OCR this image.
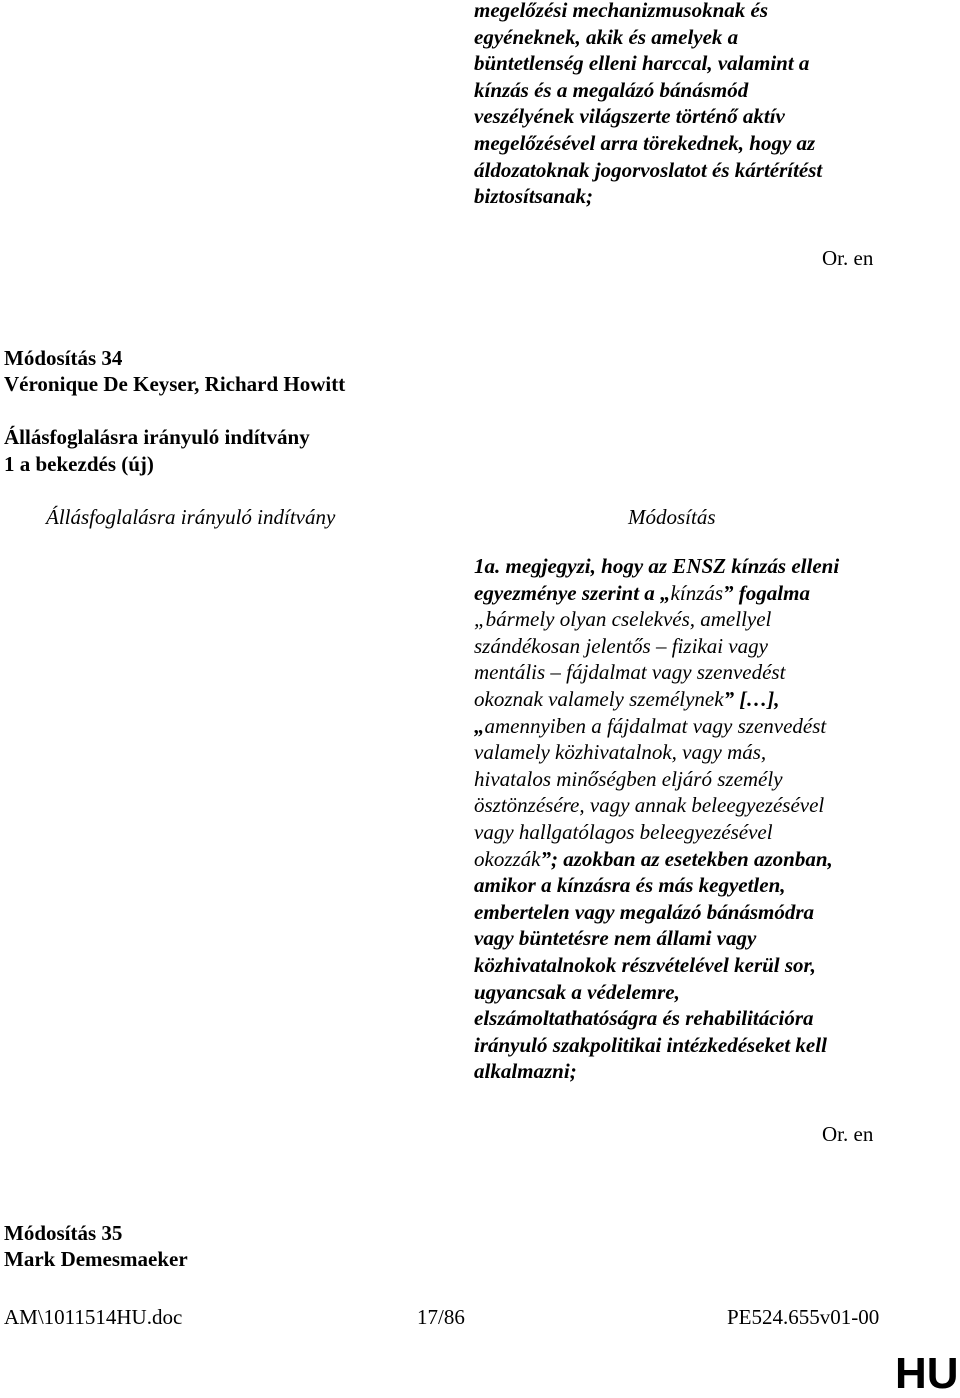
megelőzési mechanizmusoknak és
egyéneknek, akik és amelyek a
büntetlenség elleni harccal, valamint a
kínzás és a megalázó bánásmód
veszélyének világszerte történő aktív
megelőzésével arra törekednek, hogy az
áldozatoknak jogorvoslatot és kártérítést
biztosítsanak;
Or. en
Módosítás 34
Véronique De Keyser, Richard Howitt
Állásfoglalásra irányuló indítvány
1 a bekezdés (új)
Állásfoglalásra irányuló indítvány	Módosítás
1a. megjegyzi, hogy az ENSZ kínzás elleni
egyezménye szerint a „kínzás” fogalma
„bármely olyan cselekvés, amellyel
szándékosan jelentős – fizikai vagy
mentális – fájdalmat vagy szenvedést
okoznak valamely személynek” […],
„amennyiben a fájdalmat vagy szenvedést
valamely közhivatalnok, vagy más,
hivatalos minőségben eljáró személy
ösztönzésére, vagy annak beleegyezésével
vagy hallgatólagos beleegyezésével
okozzák”; azokban az esetekben azonban,
amikor a kínzásra és más kegyetlen,
embertelen vagy megalázó bánásmódra
vagy büntetésre nem állami vagy
közhivatalnokok részvételével kerül sor,
ugyancsak a védelemre,
elszámoltathatóságra és rehabilitációra
irányuló szakpolitikai intézkedéseket kell
alkalmazni;
Or. en
Módosítás 35
Mark Demesmaeker
AM\1011514HU.doc	17/86	PE524.655v01-00
HU
